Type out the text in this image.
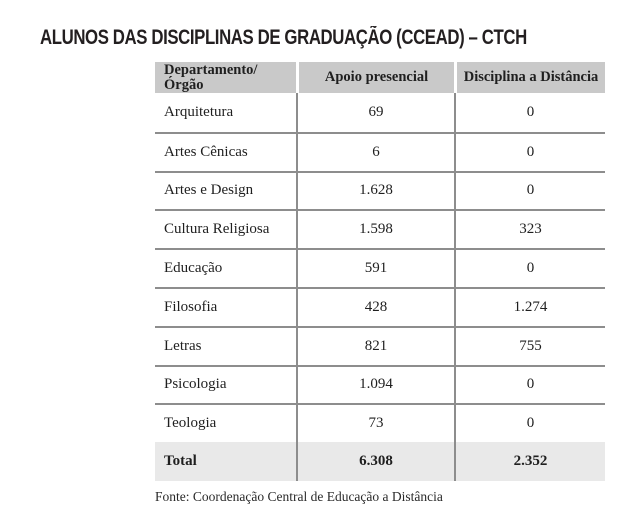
ALUNOS DAS DISCIPLINAS DE GRADUAÇÃO (CCEAD) – CTCH
Departamento/Órgão	Apoio presencial	Disciplina a Distância
Arquitetura	69	0
Artes Cênicas	6	0
Artes e Design	1.628	0
Cultura Religiosa	1.598	323
Educação	591	0
Filosofia	428	1.274
Letras	821	755
Psicologia	1.094	0
Teologia	73	0
Total	6.308	2.352

Fonte: Coordenação Central de Educação a Distância
